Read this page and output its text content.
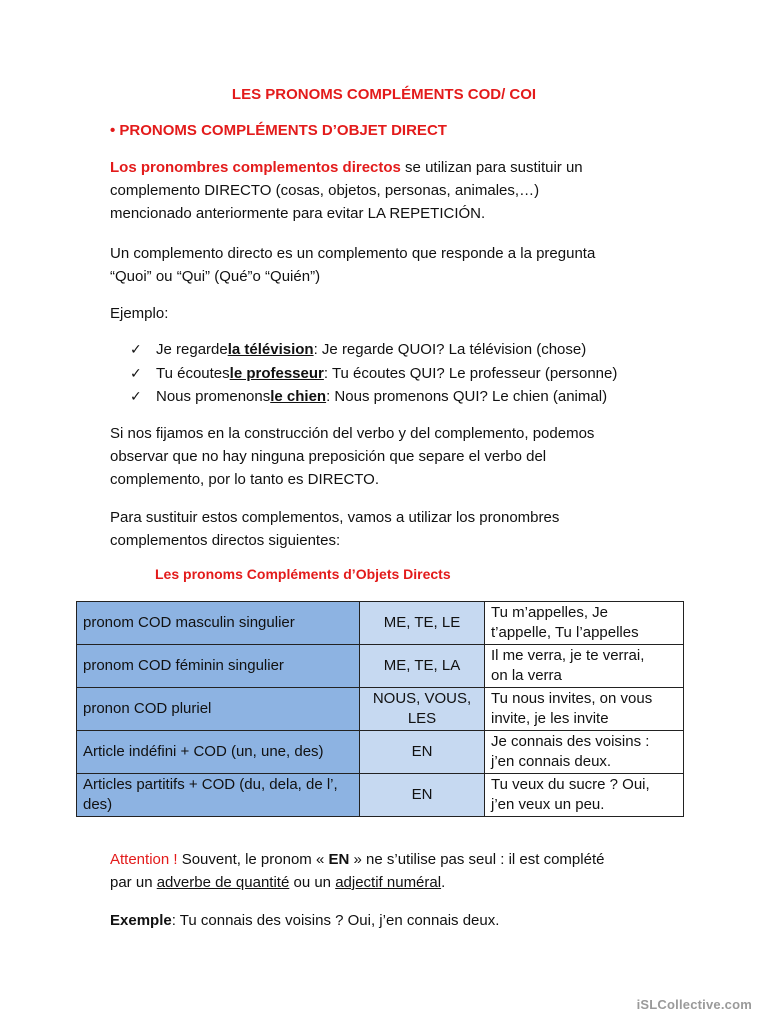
LES PRONOMS COMPLÉMENTS COD/ COI
• PRONOMS COMPLÉMENTS D’OBJET DIRECT
Los pronombres complementos directos se utilizan para sustituir un
complemento DIRECTO (cosas, objetos, personas, animales,…)
mencionado anteriormente para evitar LA REPETICIÓN.
Un complemento directo es un complemento que responde a la pregunta
“Quoi” ou “Qui” (Qué”o “Quién”)
Ejemplo:
✓ Je regarde la télévision : Je regarde QUOI? La télévision (chose)
✓ Tu écoutes le professeur : Tu écoutes QUI? Le professeur (personne)
✓ Nous promenons le chien : Nous promenons QUI? Le chien (animal)
Si nos fijamos en la construcción del verbo y del complemento, podemos
observar que no hay ninguna preposición que separe el verbo del
complemento, por lo tanto es DIRECTO.
Para sustituir estos complementos, vamos a utilizar los pronombres
complementos directos siguientes:
Les pronoms Compléments d’Objets Directs
pronom COD masculin singulier	ME, TE, LE	Tu m’appelles, Je
t’appelle, Tu l’appelles
pronom COD féminin singulier	ME, TE, LA	Il me verra, je te verrai,
on la verra
pronon COD pluriel	NOUS, VOUS, LES	Tu nous invites, on vous
invite, je les invite
Article indéfini + COD (un, une, des)	EN	Je connais des voisins :
j’en connais deux.
Articles partitifs + COD (du, dela, de l’, des)	EN	Tu veux du sucre ? Oui,
j’en veux un peu.
Attention ! Souvent, le pronom « EN » ne s’utilise pas seul : il est complété
par un adverbe de quantité ou un adjectif numéral.
Exemple: Tu connais des voisins ? Oui, j’en connais deux.
iSLCollective.com
